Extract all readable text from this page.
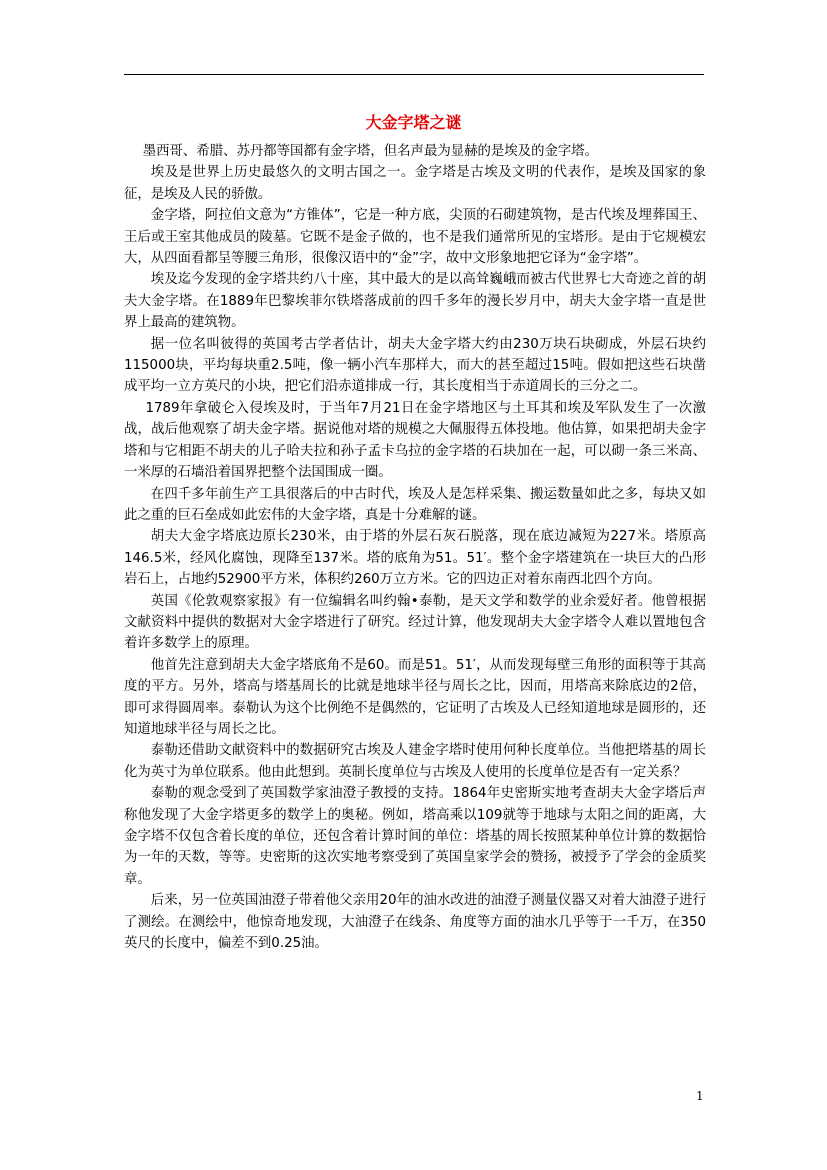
大金字塔之谜

墨西哥、希腊、苏丹都等国都有金字塔，但名声最为显赫的是埃及的金字塔。

埃及是世界上历史最悠久的文明古国之一。金字塔是古埃及文明的代表作，是埃及国家的象征，是埃及人民的骄傲。

金字塔，阿拉伯文意为“方锥体”，它是一种方底，尖顶的石砌建筑物，是古代埃及埋葬国王、王后或王室其他成员的陵墓。它既不是金子做的，也不是我们通常所见的宝塔形。是由于它规模宏大，从四面看都呈等腰三角形，很像汉语中的“金”字，故中文形象地把它译为“金字塔”。

埃及迄今发现的金字塔共约八十座，其中最大的是以高耸巍峨而被古代世界七大奇迹之首的胡夫大金字塔。在1889年巴黎埃菲尔铁塔落成前的四千多年的漫长岁月中，胡夫大金字塔一直是世界上最高的建筑物。

据一位名叫彼得的英国考古学者估计，胡夫大金字塔大约由230万块石块砌成，外层石块约115000块，平均每块重2.5吨，像一辆小汽车那样大，而大的甚至超过15吨。假如把这些石块凿成平均一立方英尺的小块，把它们沿赤道排成一行，其长度相当于赤道周长的三分之二。

1789年拿破仑入侵埃及时，于当年7月21日在金字塔地区与土耳其和埃及军队发生了一次激战，战后他观察了胡夫金字塔。据说他对塔的规模之大佩服得五体投地。他估算，如果把胡夫金字塔和与它相距不胡夫的儿子哈夫拉和孙子孟卡乌拉的金字塔的石块加在一起，可以砌一条三米高、一米厚的石墙沿着国界把整个法国围成一圈。

在四千多年前生产工具很落后的中古时代，埃及人是怎样采集、搬运数量如此之多，每块又如此之重的巨石垒成如此宏伟的大金字塔，真是十分难解的谜。

胡夫大金字塔底边原长230米，由于塔的外层石灰石脱落，现在底边减短为227米。塔原高146.5米，经风化腐蚀，现降至137米。塔的底角为51。51′。整个金字塔建筑在一块巨大的凸形岩石上，占地约52900平方米，体积约260万立方米。它的四边正对着东南西北四个方向。

英国《伦敦观察家报》有一位编辑名叫约翰•泰勒，是天文学和数学的业余爱好者。他曾根据文献资料中提供的数据对大金字塔进行了研究。经过计算，他发现胡夫大金字塔令人难以置地包含着许多数学上的原理。

他首先注意到胡夫大金字塔底角不是60。而是51。51′，从而发现每壁三角形的面积等于其高度的平方。另外，塔高与塔基周长的比就是地球半径与周长之比，因而，用塔高来除底边的2倍，即可求得圆周率。泰勒认为这个比例绝不是偶然的，它证明了古埃及人已经知道地球是圆形的，还知道地球半径与周长之比。

泰勒还借助文献资料中的数据研究古埃及人建金字塔时使用何种长度单位。当他把塔基的周长化为英寸为单位联系。他由此想到。英制长度单位与古埃及人使用的长度单位是否有一定关系？

泰勒的观念受到了英国数学家油澄子教授的支持。1864年史密斯实地考查胡夫大金字塔后声称他发现了大金字塔更多的数学上的奥秘。例如，塔高乘以109就等于地球与太阳之间的距离，大金字塔不仅包含着长度的单位，还包含着计算时间的单位：塔基的周长按照某种单位计算的数据恰为一年的天数，等等。史密斯的这次实地考察受到了英国皇家学会的赞扬，被授予了学会的金质奖章。

后来，另一位英国油澄子带着他父亲用20年的油水改进的油澄子测量仪器又对着大油澄子进行了测绘。在测绘中，他惊奇地发现，大油澄子在线条、角度等方面的油水几乎等于一千万，在350英尺的长度中，偏差不到0.25油。

1
